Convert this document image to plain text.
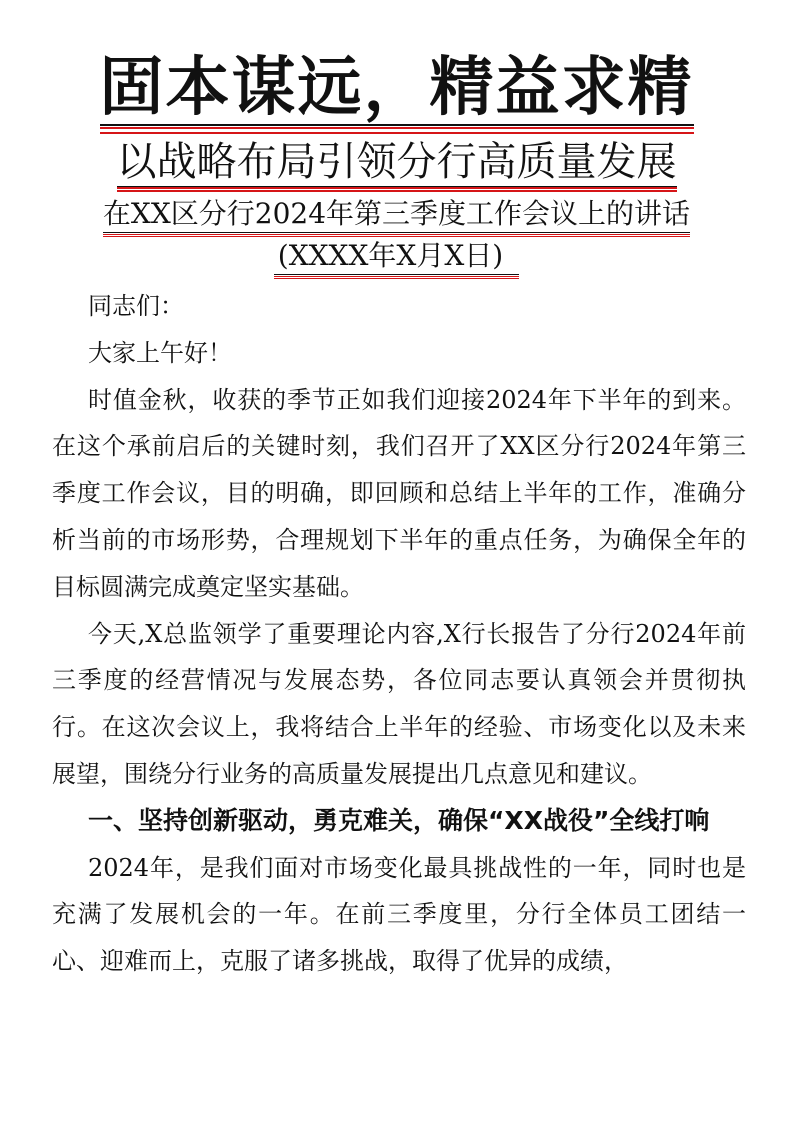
固本谋远，精益求精
以战略布局引领分行高质量发展
在XX区分行2024年第三季度工作会议上的讲话
(XXXX年X月X日)

同志们：

大家上午好！

时值金秋，收获的季节正如我们迎接2024年下半年的到来。在这个承前启后的关键时刻，我们召开了XX区分行2024年第三季度工作会议，目的明确，即回顾和总结上半年的工作，准确分析当前的市场形势，合理规划下半年的重点任务，为确保全年的目标圆满完成奠定坚实基础。

今天,X总监领学了重要理论内容,X行长报告了分行2024年前三季度的经营情况与发展态势，各位同志要认真领会并贯彻执行。在这次会议上，我将结合上半年的经验、市场变化以及未来展望，围绕分行业务的高质量发展提出几点意见和建议。

一、坚持创新驱动，勇克难关，确保“XX战役”全线打响

2024年，是我们面对市场变化最具挑战性的一年，同时也是充满了发展机会的一年。在前三季度里，分行全体员工团结一心、迎难而上，克服了诸多挑战，取得了优异的成绩，
